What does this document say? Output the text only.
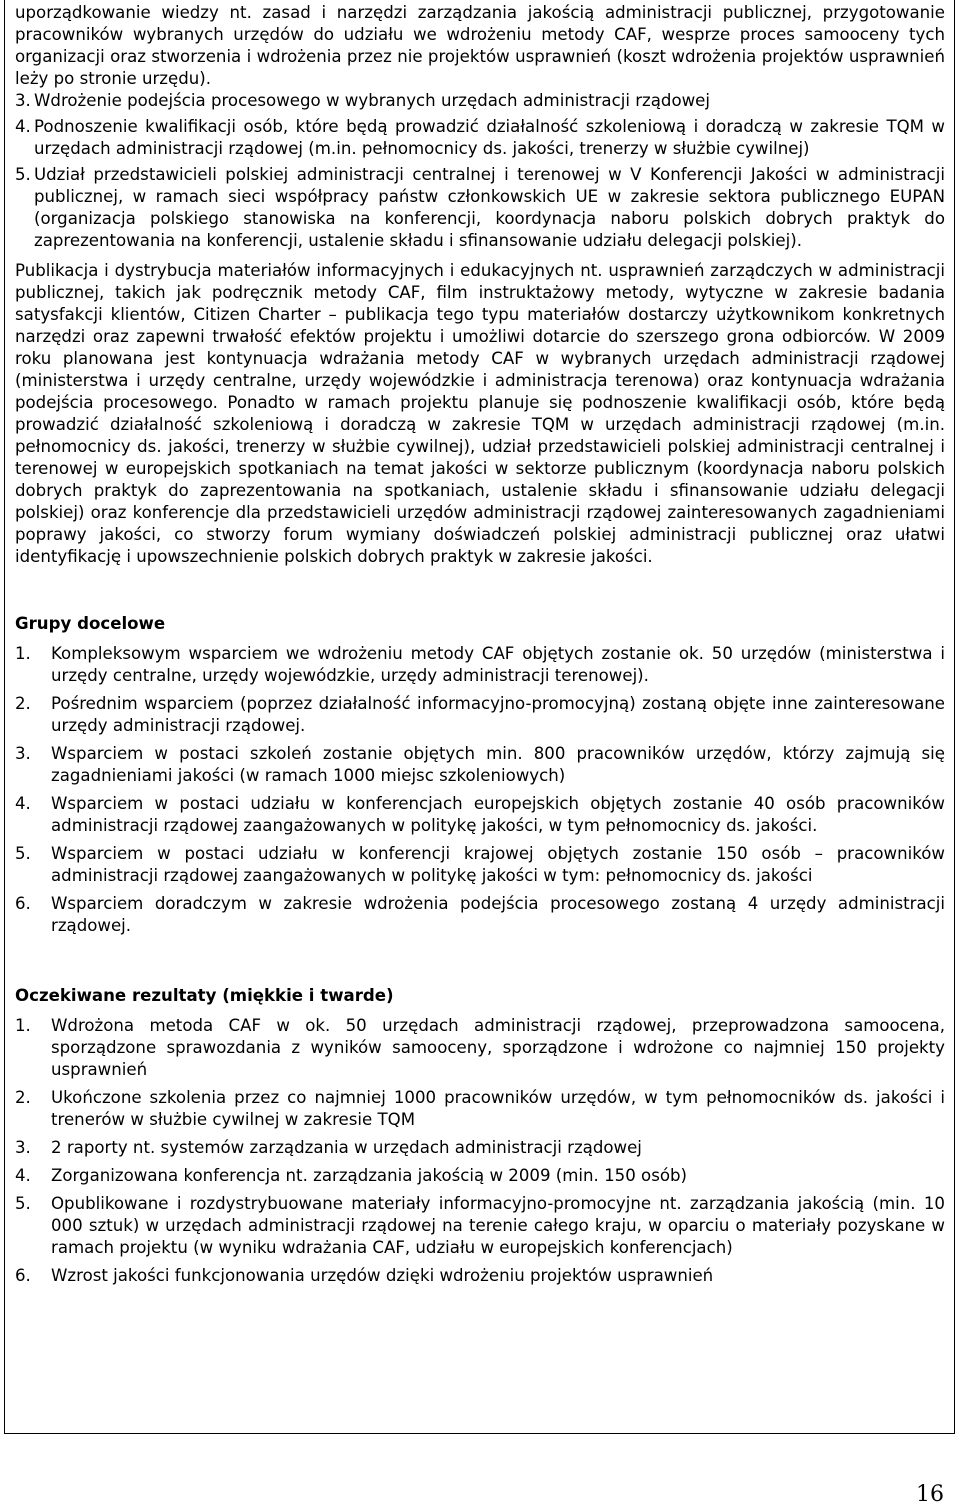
uporządkowanie wiedzy nt. zasad i narzędzi zarządzania jakością administracji publicznej, przygotowanie pracowników wybranych urzędów do udziału we wdrożeniu metody CAF, wesprze proces samooceny tych organizacji oraz stworzenia i wdrożenia przez nie projektów usprawnień (koszt wdrożenia projektów usprawnień leży po stronie urzędu).

3. Wdrożenie podejścia procesowego w wybranych urzędach administracji rządowej
4. Podnoszenie kwalifikacji osób, które będą prowadzić działalność szkoleniową i doradczą w zakresie TQM w urzędach administracji rządowej (m.in. pełnomocnicy ds. jakości, trenerzy w służbie cywilnej)
5. Udział przedstawicieli polskiej administracji centralnej i terenowej w V Konferencji Jakości w administracji publicznej, w ramach sieci współpracy państw członkowskich UE w zakresie sektora publicznego EUPAN (organizacja polskiego stanowiska na konferencji, koordynacja naboru polskich dobrych praktyk do zaprezentowania na konferencji, ustalenie składu i sfinansowanie udziału delegacji polskiej).

Publikacja i dystrybucja materiałów informacyjnych i edukacyjnych nt. usprawnień zarządczych w administracji publicznej, takich jak podręcznik metody CAF, film instruktażowy metody, wytyczne w zakresie badania satysfakcji klientów, Citizen Charter – publikacja tego typu materiałów dostarczy użytkownikom konkretnych narzędzi oraz zapewni trwałość efektów projektu i umożliwi dotarcie do szerszego grona odbiorców. W 2009 roku planowana jest kontynuacja wdrażania metody CAF w wybranych urzędach administracji rządowej (ministerstwa i urzędy centralne, urzędy wojewódzkie i administracja terenowa) oraz kontynuacja wdrażania podejścia procesowego. Ponadto w ramach projektu planuje się podnoszenie kwalifikacji osób, które będą prowadzić działalność szkoleniową i doradczą w zakresie TQM w urzędach administracji rządowej (m.in. pełnomocnicy ds. jakości, trenerzy w służbie cywilnej), udział przedstawicieli polskiej administracji centralnej i terenowej w europejskich spotkaniach na temat jakości w sektorze publicznym (koordynacja naboru polskich dobrych praktyk do zaprezentowania na spotkaniach, ustalenie składu i sfinansowanie udziału delegacji polskiej) oraz konferencje dla przedstawicieli urzędów administracji rządowej zainteresowanych zagadnieniami poprawy jakości, co stworzy forum wymiany doświadczeń polskiej administracji publicznej oraz ułatwi identyfikację i upowszechnienie polskich dobrych praktyk w zakresie jakości.

Grupy docelowe
1. Kompleksowym wsparciem we wdrożeniu metody CAF objętych zostanie ok. 50 urzędów (ministerstwa i urzędy centralne, urzędy wojewódzkie, urzędy administracji terenowej).
2. Pośrednim wsparciem (poprzez działalność informacyjno-promocyjną) zostaną objęte inne zainteresowane urzędy administracji rządowej.
3. Wsparciem w postaci szkoleń zostanie objętych min. 800 pracowników urzędów, którzy zajmują się zagadnieniami jakości (w ramach 1000 miejsc szkoleniowych)
4. Wsparciem w postaci udziału w konferencjach europejskich objętych zostanie 40 osób pracowników administracji rządowej zaangażowanych w politykę jakości, w tym pełnomocnicy ds. jakości.
5. Wsparciem w postaci udziału w konferencji krajowej objętych zostanie 150 osób – pracowników administracji rządowej zaangażowanych w politykę jakości w tym: pełnomocnicy ds. jakości
6. Wsparciem doradczym w zakresie wdrożenia podejścia procesowego zostaną 4 urzędy administracji rządowej.
Oczekiwane rezultaty (miękkie i twarde)
1. Wdrożona metoda CAF w ok. 50 urzędach administracji rządowej, przeprowadzona samoocena, sporządzone sprawozdania z wyników samooceny, sporządzone i wdrożone co najmniej 150 projekty usprawnień
2. Ukończone szkolenia przez co najmniej 1000 pracowników urzędów, w tym pełnomocników ds. jakości i trenerów w służbie cywilnej w zakresie TQM
3. 2 raporty nt. systemów zarządzania w urzędach administracji rządowej
4. Zorganizowana konferencja nt. zarządzania jakością w 2009 (min. 150 osób)
5. Opublikowane i rozdystrybuowane materiały informacyjno-promocyjne nt. zarządzania jakością (min. 10 000 sztuk) w urzędach administracji rządowej na terenie całego kraju, w oparciu o materiały pozyskane w ramach projektu (w wyniku wdrażania CAF, udziału w europejskich konferencjach)
6. Wzrost jakości funkcjonowania urzędów dzięki wdrożeniu projektów usprawnień
16
